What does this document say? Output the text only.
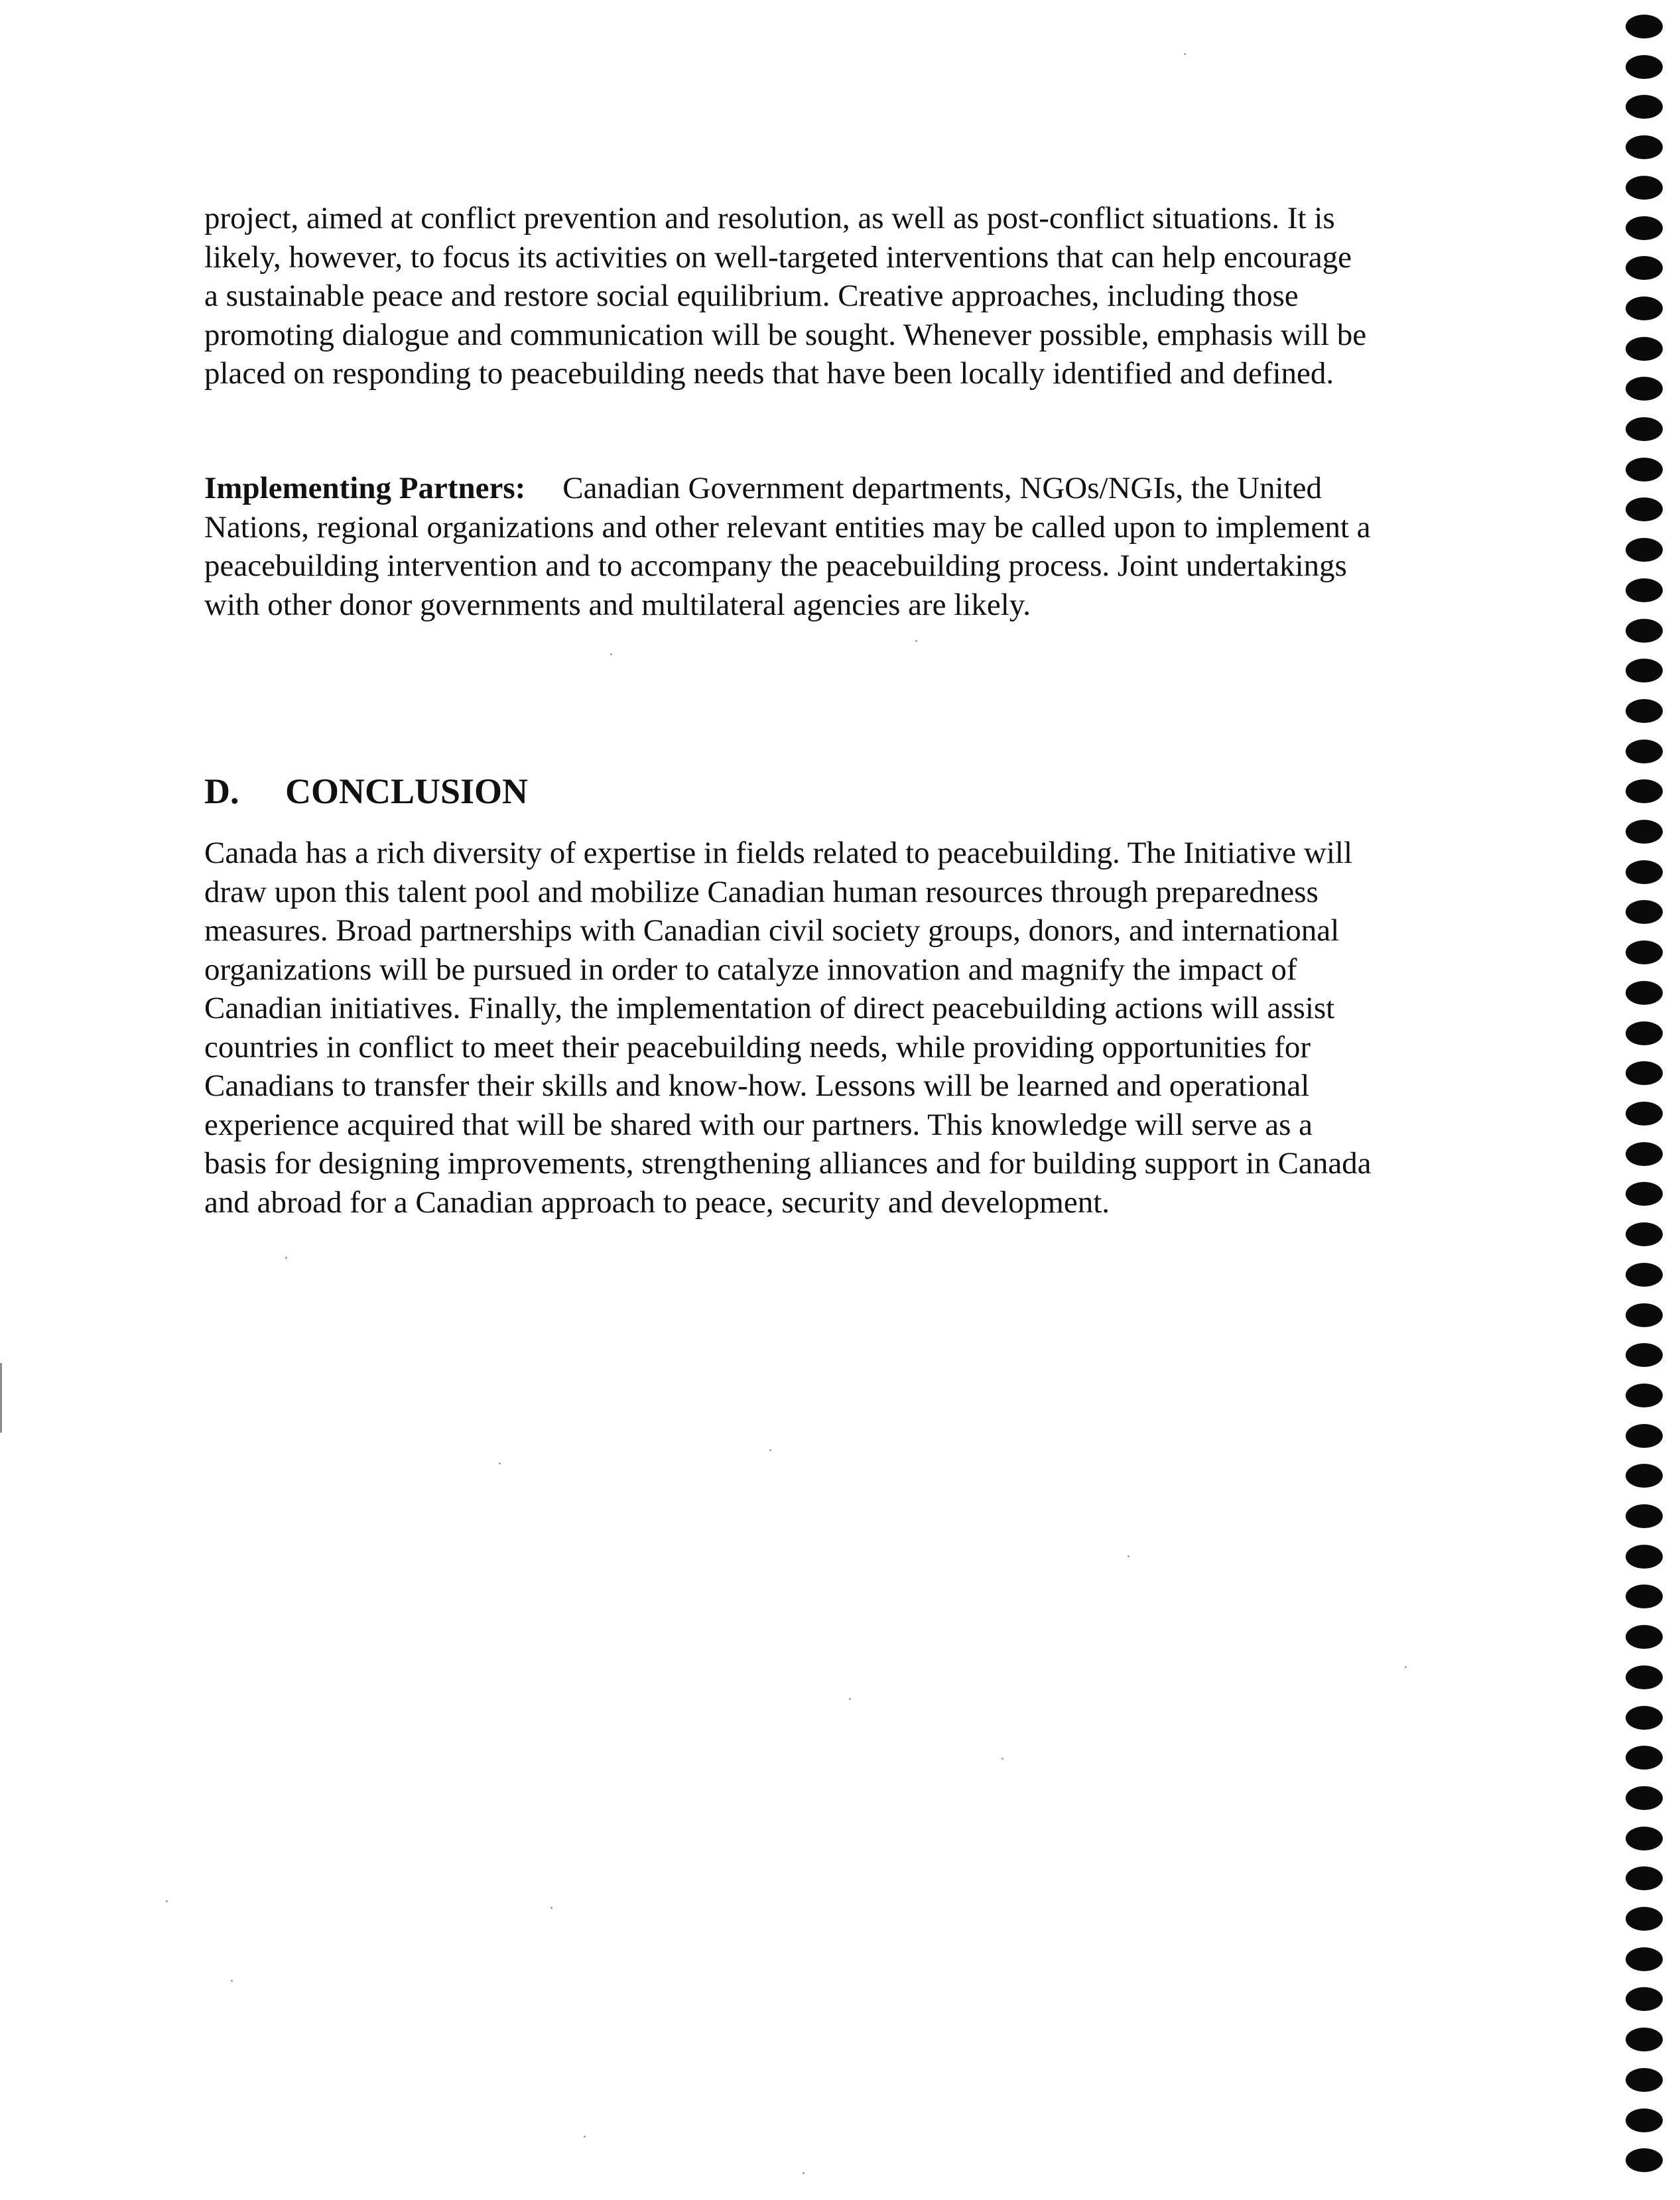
project, aimed at conflict prevention and resolution, as well as post-conflict situations. It is
likely, however, to focus its activities on well-targeted interventions that can help encourage
a sustainable peace and restore social equilibrium. Creative approaches, including those
promoting dialogue and communication will be sought. Whenever possible, emphasis will be
placed on responding to peacebuilding needs that have been locally identified and defined.

Implementing Partners: Canadian Government departments, NGOs/NGIs, the United
Nations, regional organizations and other relevant entities may be called upon to implement a
peacebuilding intervention and to accompany the peacebuilding process. Joint undertakings
with other donor governments and multilateral agencies are likely.

D. CONCLUSION

Canada has a rich diversity of expertise in fields related to peacebuilding. The Initiative will
draw upon this talent pool and mobilize Canadian human resources through preparedness
measures. Broad partnerships with Canadian civil society groups, donors, and international
organizations will be pursued in order to catalyze innovation and magnify the impact of
Canadian initiatives. Finally, the implementation of direct peacebuilding actions will assist
countries in conflict to meet their peacebuilding needs, while providing opportunities for
Canadians to transfer their skills and know-how. Lessons will be learned and operational
experience acquired that will be shared with our partners. This knowledge will serve as a
basis for designing improvements, strengthening alliances and for building support in Canada
and abroad for a Canadian approach to peace, security and development.
